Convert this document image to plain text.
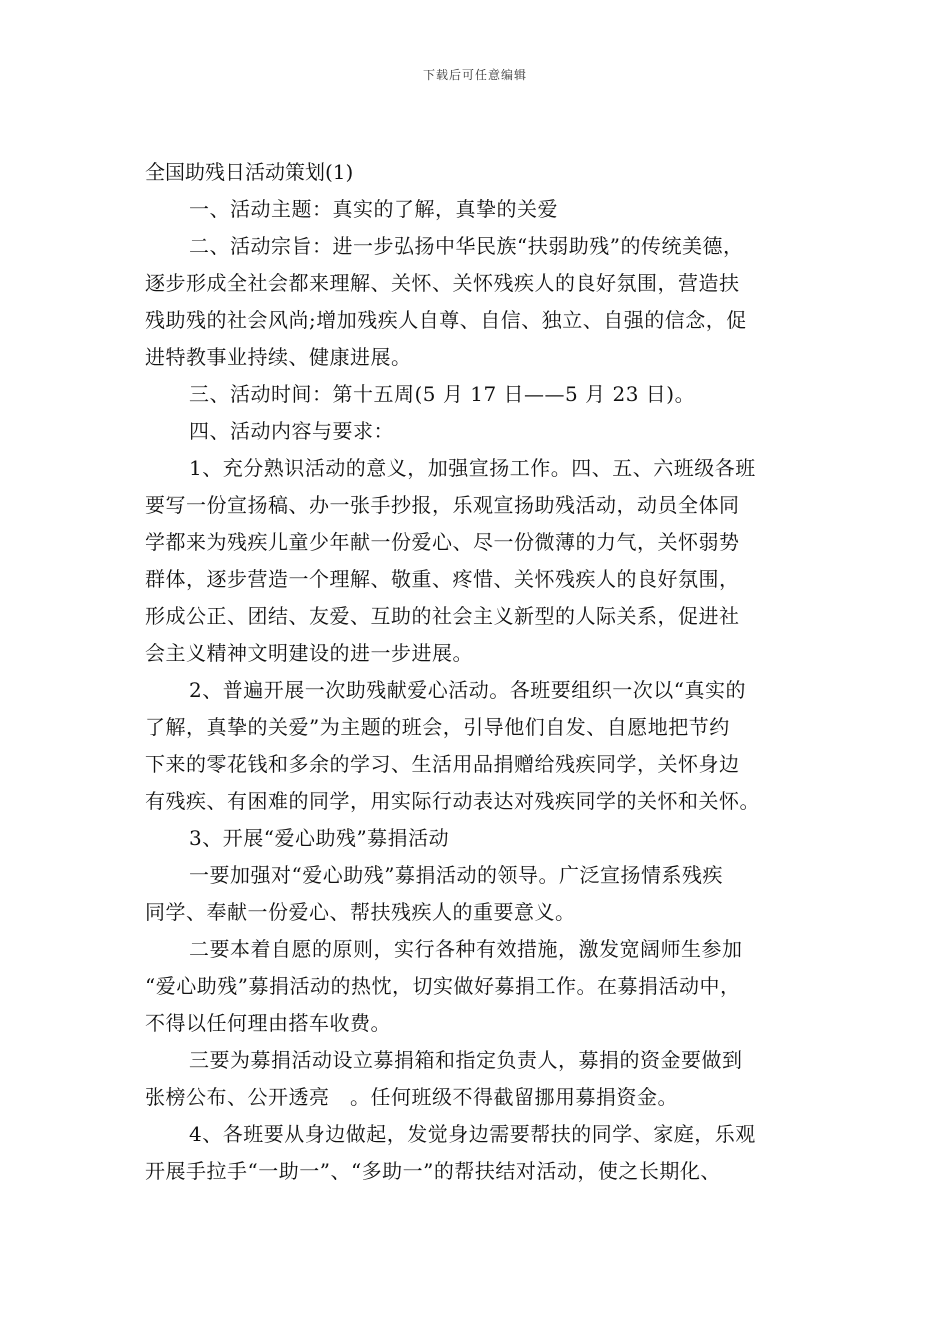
下载后可任意编辑

全国助残日活动策划(1)

一、活动主题：真实的了解，真挚的关爱

二、活动宗旨：进一步弘扬中华民族“扶弱助残”的传统美德，

逐步形成全社会都来理解、关怀、关怀残疾人的良好氛围，营造扶

残助残的社会风尚;增加残疾人自尊、自信、独立、自强的信念，促

进特教事业持续、健康进展。

三、活动时间：第十五周(5 月 17 日——5 月 23 日)。

四、活动内容与要求：

1、充分熟识活动的意义，加强宣扬工作。四、五、六班级各班

要写一份宣扬稿、办一张手抄报，乐观宣扬助残活动，动员全体同

学都来为残疾儿童少年献一份爱心、尽一份微薄的力气，关怀弱势

群体，逐步营造一个理解、敬重、疼惜、关怀残疾人的良好氛围，

形成公正、团结、友爱、互助的社会主义新型的人际关系，促进社

会主义精神文明建设的进一步进展。

2、普遍开展一次助残献爱心活动。各班要组织一次以“真实的

了解，真挚的关爱”为主题的班会，引导他们自发、自愿地把节约

下来的零花钱和多余的学习、生活用品捐赠给残疾同学，关怀身边

有残疾、有困难的同学，用实际行动表达对残疾同学的关怀和关怀。

3、开展“爱心助残”募捐活动

一要加强对“爱心助残”募捐活动的领导。广泛宣扬情系残疾

同学、奉献一份爱心、帮扶残疾人的重要意义。

二要本着自愿的原则，实行各种有效措施，激发宽阔师生参加

“爱心助残”募捐活动的热忱，切实做好募捐工作。在募捐活动中，

不得以任何理由搭车收费。

三要为募捐活动设立募捐箱和指定负责人，募捐的资金要做到

张榜公布、公开透亮　。任何班级不得截留挪用募捐资金。

4、各班要从身边做起，发觉身边需要帮扶的同学、家庭，乐观

开展手拉手“一助一”、“多助一”的帮扶结对活动，使之长期化、
